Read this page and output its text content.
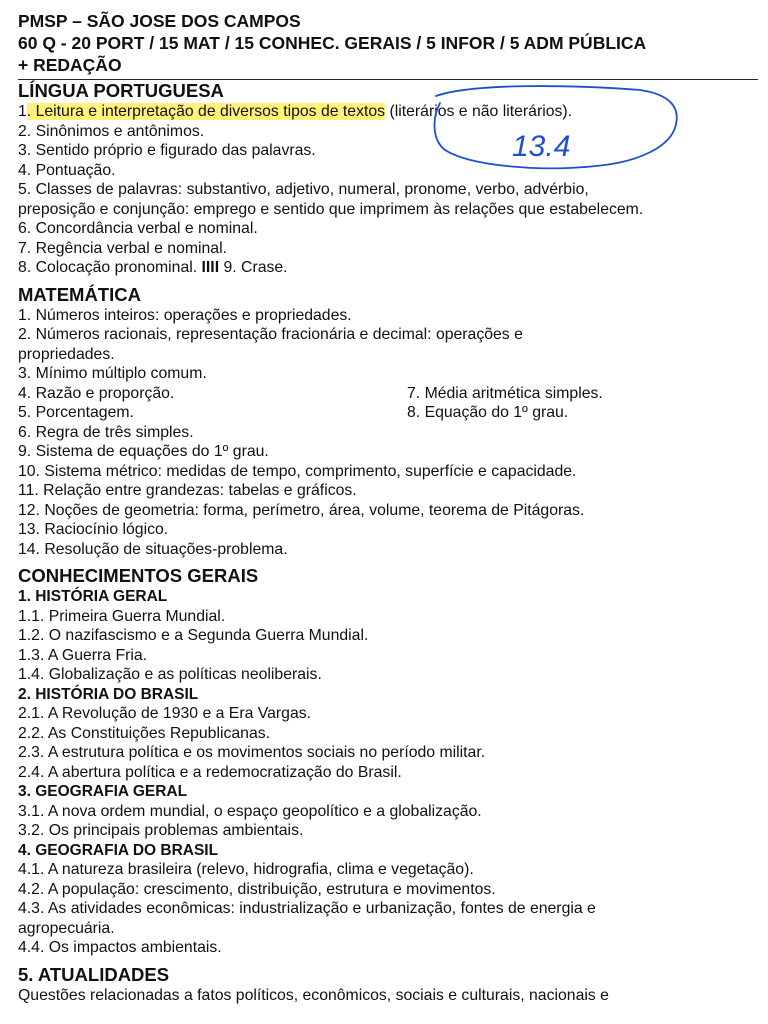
PMSP – SÃO JOSE DOS CAMPOS
60 Q - 20 PORT / 15 MAT / 15 CONHEC. GERAIS / 5 INFOR / 5 ADM PÚBLICA
+ REDAÇÃO
LÍNGUA PORTUGUESA
1. Leitura e interpretação de diversos tipos de textos (literários e não literários).
2. Sinônimos e antônimos.
3. Sentido próprio e figurado das palavras.
4. Pontuação.
5. Classes de palavras: substantivo, adjetivo, numeral, pronome, verbo, advérbio,
preposição e conjunção: emprego e sentido que imprimem às relações que estabelecem.
6. Concordância verbal e nominal.
7. Regência verbal e nominal.
8. Colocação pronominal. IIII 9. Crase.
MATEMÁTICA
1. Números inteiros: operações e propriedades.
2. Números racionais, representação fracionária e decimal: operações e
propriedades.
3. Mínimo múltiplo comum.
4. Razão e proporção.	7. Média aritmética simples.
5. Porcentagem.	8. Equação do 1º grau.
6. Regra de três simples.
9. Sistema de equações do 1º grau.
10. Sistema métrico: medidas de tempo, comprimento, superfície e capacidade.
11. Relação entre grandezas: tabelas e gráficos.
12. Noções de geometria: forma, perímetro, área, volume, teorema de Pitágoras.
13. Raciocínio lógico.
14. Resolução de situações-problema.
CONHECIMENTOS GERAIS
1. HISTÓRIA GERAL
1.1. Primeira Guerra Mundial.
1.2. O nazifascismo e a Segunda Guerra Mundial.
1.3. A Guerra Fria.
1.4. Globalização e as políticas neoliberais.
2. HISTÓRIA DO BRASIL
2.1. A Revolução de 1930 e a Era Vargas.
2.2. As Constituições Republicanas.
2.3. A estrutura política e os movimentos sociais no período militar.
2.4. A abertura política e a redemocratização do Brasil.
3. GEOGRAFIA GERAL
3.1. A nova ordem mundial, o espaço geopolítico e a globalização.
3.2. Os principais problemas ambientais.
4. GEOGRAFIA DO BRASIL
4.1. A natureza brasileira (relevo, hidrografia, clima e vegetação).
4.2. A população: crescimento, distribuição, estrutura e movimentos.
4.3. As atividades econômicas: industrialização e urbanização, fontes de energia e
agropecuária.
4.4. Os impactos ambientais.
5. ATUALIDADES
Questões relacionadas a fatos políticos, econômicos, sociais e culturais, nacionais e
13.4
